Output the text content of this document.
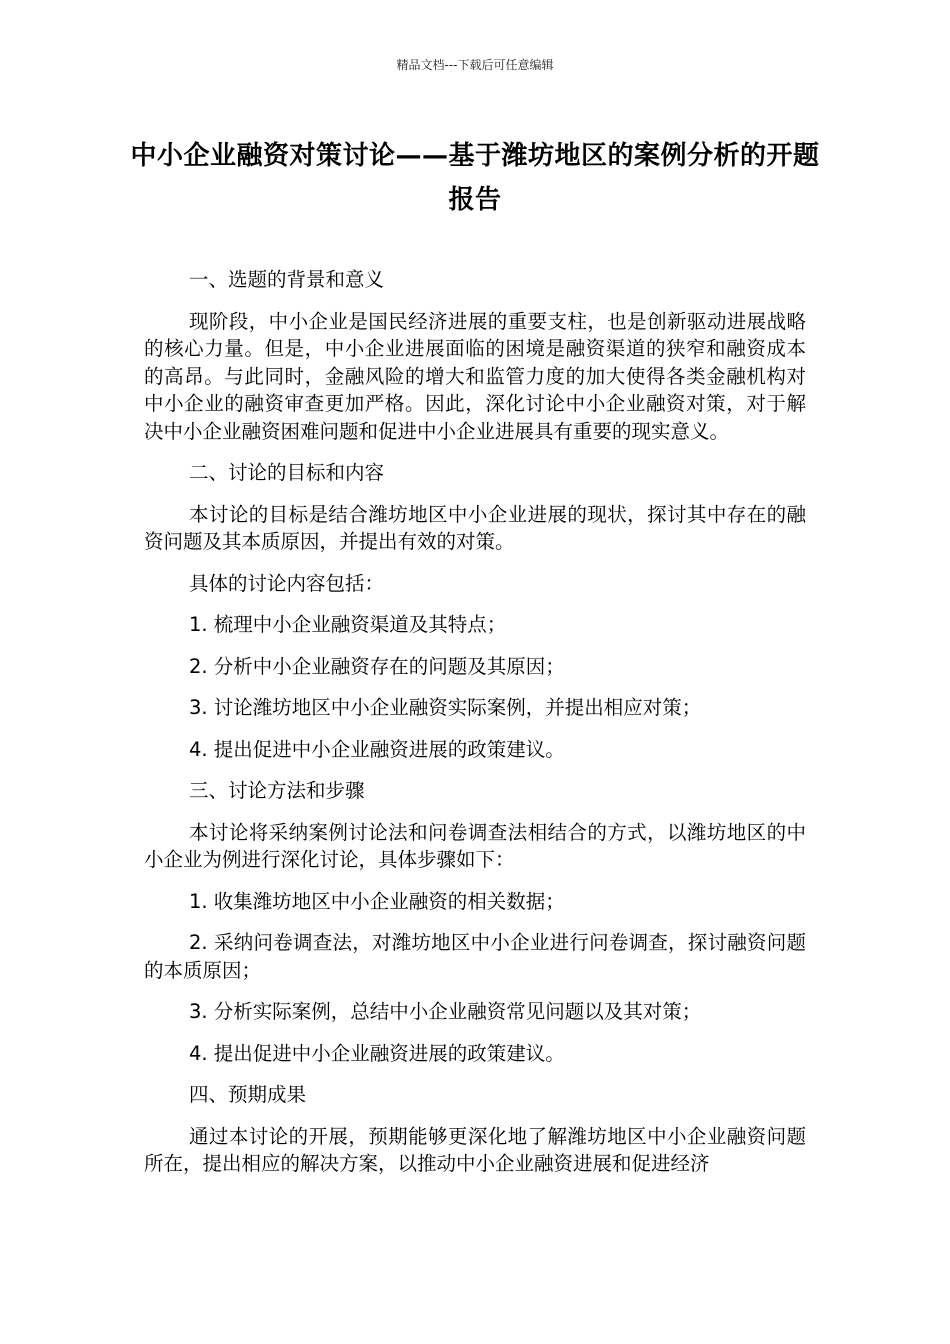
精品文档---下载后可任意编辑
中小企业融资对策讨论——基于潍坊地区的案例分析的开题报告

一、选题的背景和意义

现阶段，中小企业是国民经济进展的重要支柱，也是创新驱动进展战略的核心力量。但是，中小企业进展面临的困境是融资渠道的狭窄和融资成本的高昂。与此同时，金融风险的增大和监管力度的加大使得各类金融机构对中小企业的融资审查更加严格。因此，深化讨论中小企业融资对策，对于解决中小企业融资困难问题和促进中小企业进展具有重要的现实意义。

二、讨论的目标和内容

本讨论的目标是结合潍坊地区中小企业进展的现状，探讨其中存在的融资问题及其本质原因，并提出有效的对策。

具体的讨论内容包括：

1. 梳理中小企业融资渠道及其特点；

2. 分析中小企业融资存在的问题及其原因；

3. 讨论潍坊地区中小企业融资实际案例，并提出相应对策；

4. 提出促进中小企业融资进展的政策建议。

三、讨论方法和步骤

本讨论将采纳案例讨论法和问卷调查法相结合的方式，以潍坊地区的中小企业为例进行深化讨论，具体步骤如下：

1. 收集潍坊地区中小企业融资的相关数据；

2. 采纳问卷调查法，对潍坊地区中小企业进行问卷调查，探讨融资问题的本质原因；

3. 分析实际案例，总结中小企业融资常见问题以及其对策；

4. 提出促进中小企业融资进展的政策建议。

四、预期成果

通过本讨论的开展，预期能够更深化地了解潍坊地区中小企业融资问题所在，提出相应的解决方案，以推动中小企业融资进展和促进经济
